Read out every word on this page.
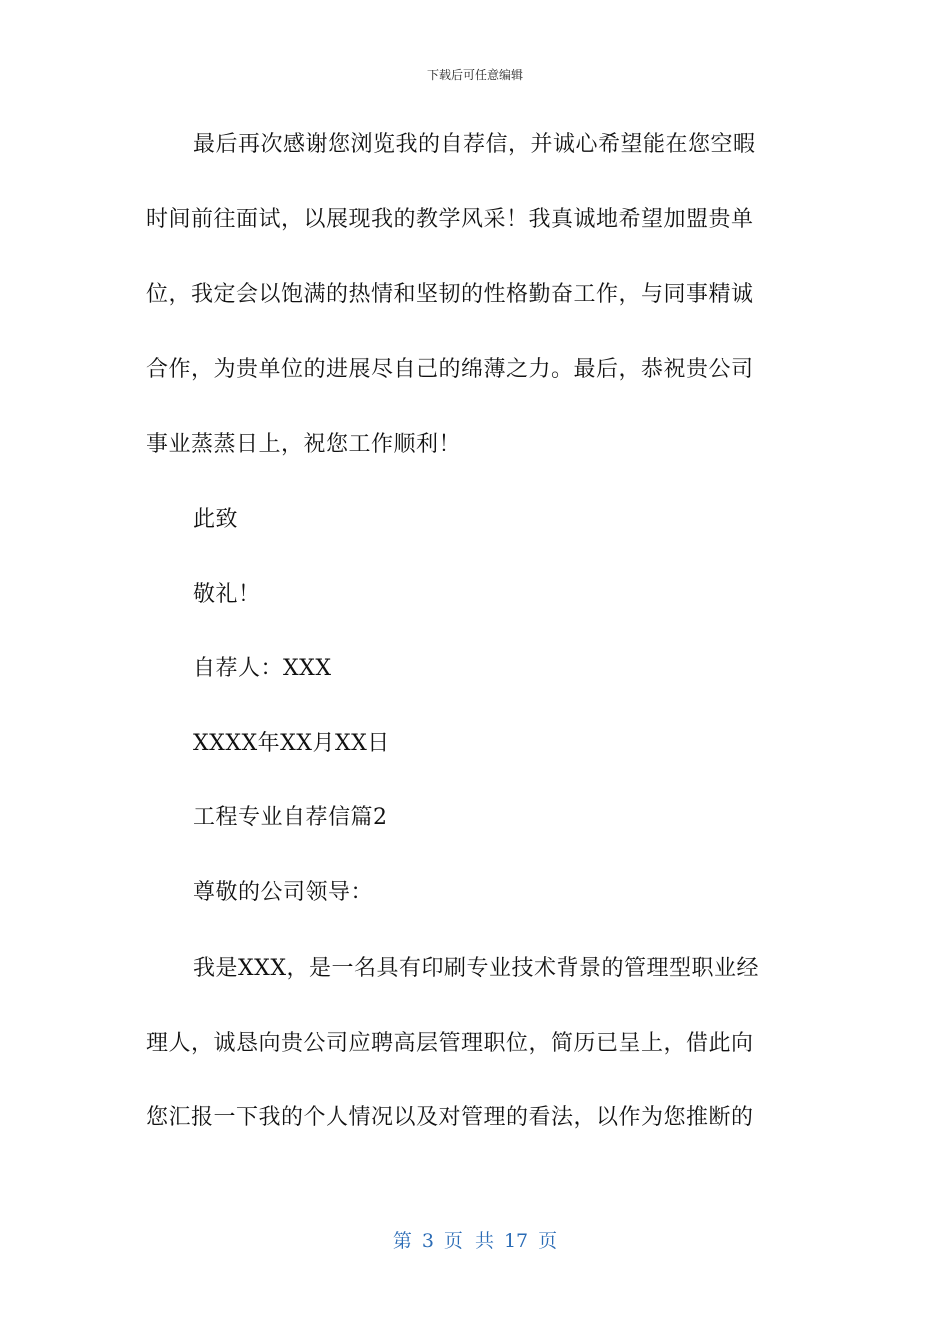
下载后可任意编辑
最后再次感谢您浏览我的自荐信，并诚心希望能在您空暇
时间前往面试，以展现我的教学风采！我真诚地希望加盟贵单
位，我定会以饱满的热情和坚韧的性格勤奋工作，与同事精诚
合作，为贵单位的进展尽自己的绵薄之力。最后，恭祝贵公司
事业蒸蒸日上，祝您工作顺利！
此致
敬礼！
自荐人：XXX
XXXX年XX月XX日
工程专业自荐信篇2
尊敬的公司领导：
我是XXX，是一名具有印刷专业技术背景的管理型职业经
理人，诚恳向贵公司应聘高层管理职位，简历已呈上，借此向
您汇报一下我的个人情况以及对管理的看法，以作为您推断的
第 3 页 共 17 页
